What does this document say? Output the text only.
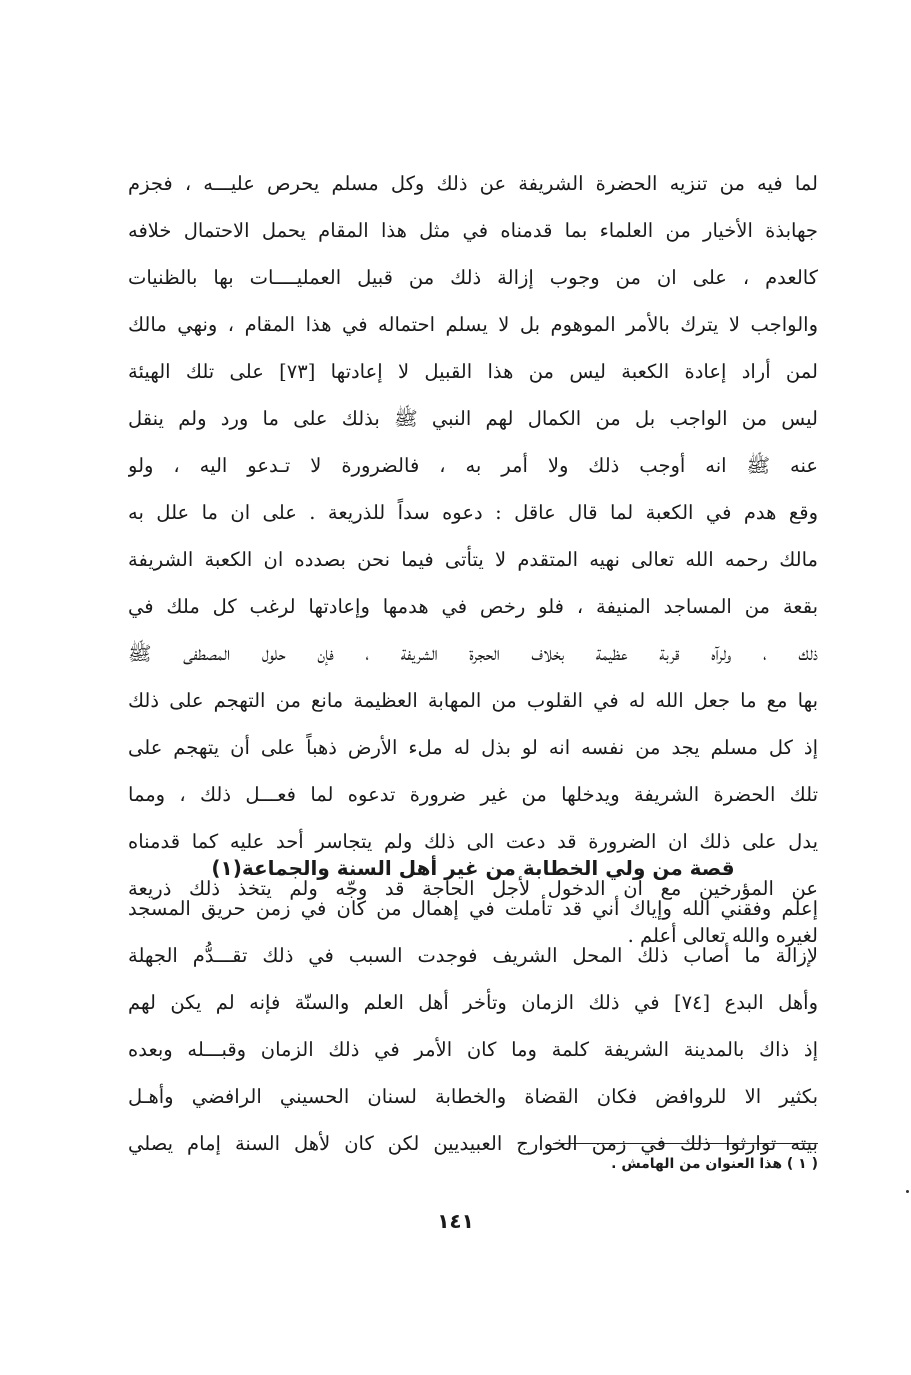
لما فيه من تنزيه الحضرة الشريفة عن ذلك وكل مسلم يحرص عليـــه ، فجزم
جهابذة الأخيار من العلماء بما قدمناه في مثل هذا المقام يحمل الاحتمال خلافه
كالعدم ، على ان من وجوب إزالة ذلك من قبيل العمليــــات بها بالظنيات
والواجب لا يترك بالأمر الموهوم بل لا يسلم احتماله في هذا المقام ، ونهي مالك
لمن أراد إعادة الكعبة ليس من هذا القبيل لا إعادتها [٧٣] على تلك الهيئة
ليس من الواجب بل من الكمال لهم النبي ﷺ بذلك على ما ورد ولم ينقل
عنه ﷺ انه أوجب ذلك ولا أمر به ، فالضرورة لا تـدعو اليه ، ولو
وقع هدم في الكعبة لما قال عاقل : دعوه سداً للذريعة . على ان ما علل به
مالك رحمه الله تعالى نهيه المتقدم لا يتأتى فيما نحن بصدده ان الكعبة الشريفة
بقعة من المساجد المنيفة ، فلو رخص في هدمها وإعادتها لرغب كل ملك في
ذلك ، ولرآه قربة عظيمة بخلاف الحجرة الشريفة ، فإن حلول المصطفى ﷺ
بها مع ما جعل الله له في القلوب من المهابة العظيمة مانع من التهجم على ذلك
إذ كل مسلم يجد من نفسه انه لو بذل له ملء الأرض ذهباً على أن يتهجم على
تلك الحضرة الشريفة ويدخلها من غير ضرورة تدعوه لما فعـــل ذلك ، ومما
يدل على ذلك ان الضرورة قد دعت الى ذلك ولم يتجاسر أحد عليه كما قدمناه
عن المؤرخين مع ان الدخول لأجل الحاجة قد وجّه ولم يتخذ ذلك ذريعة
لغيره والله تعالى أعلم .
قصة من ولي الخطابة من غير أهل السنة والجماعة(١)
إعلم وفقني الله وإياك أني قد تأملت في إهمال من كان في زمن حريق المسجد
لإزالة ما أصاب ذلك المحل الشريف فوجدت السبب في ذلك تقـــدُّم الجهلة
وأهل البدع [٧٤] في ذلك الزمان وتأخر أهل العلم والسنّة فإنه لم يكن لهم
إذ ذاك بالمدينة الشريفة كلمة وما كان الأمر في ذلك الزمان وقبـــله وبعده
بكثير الا للروافض فكان القضاة والخطابة لسنان الحسيني الرافضي وأهـل
بيته توارثوا ذلك في زمن الخوارج العبيديين لكن كان لأهل السنة إمام يصلي
( ١ ) هذا العنوان من الهامش .
١٤١
